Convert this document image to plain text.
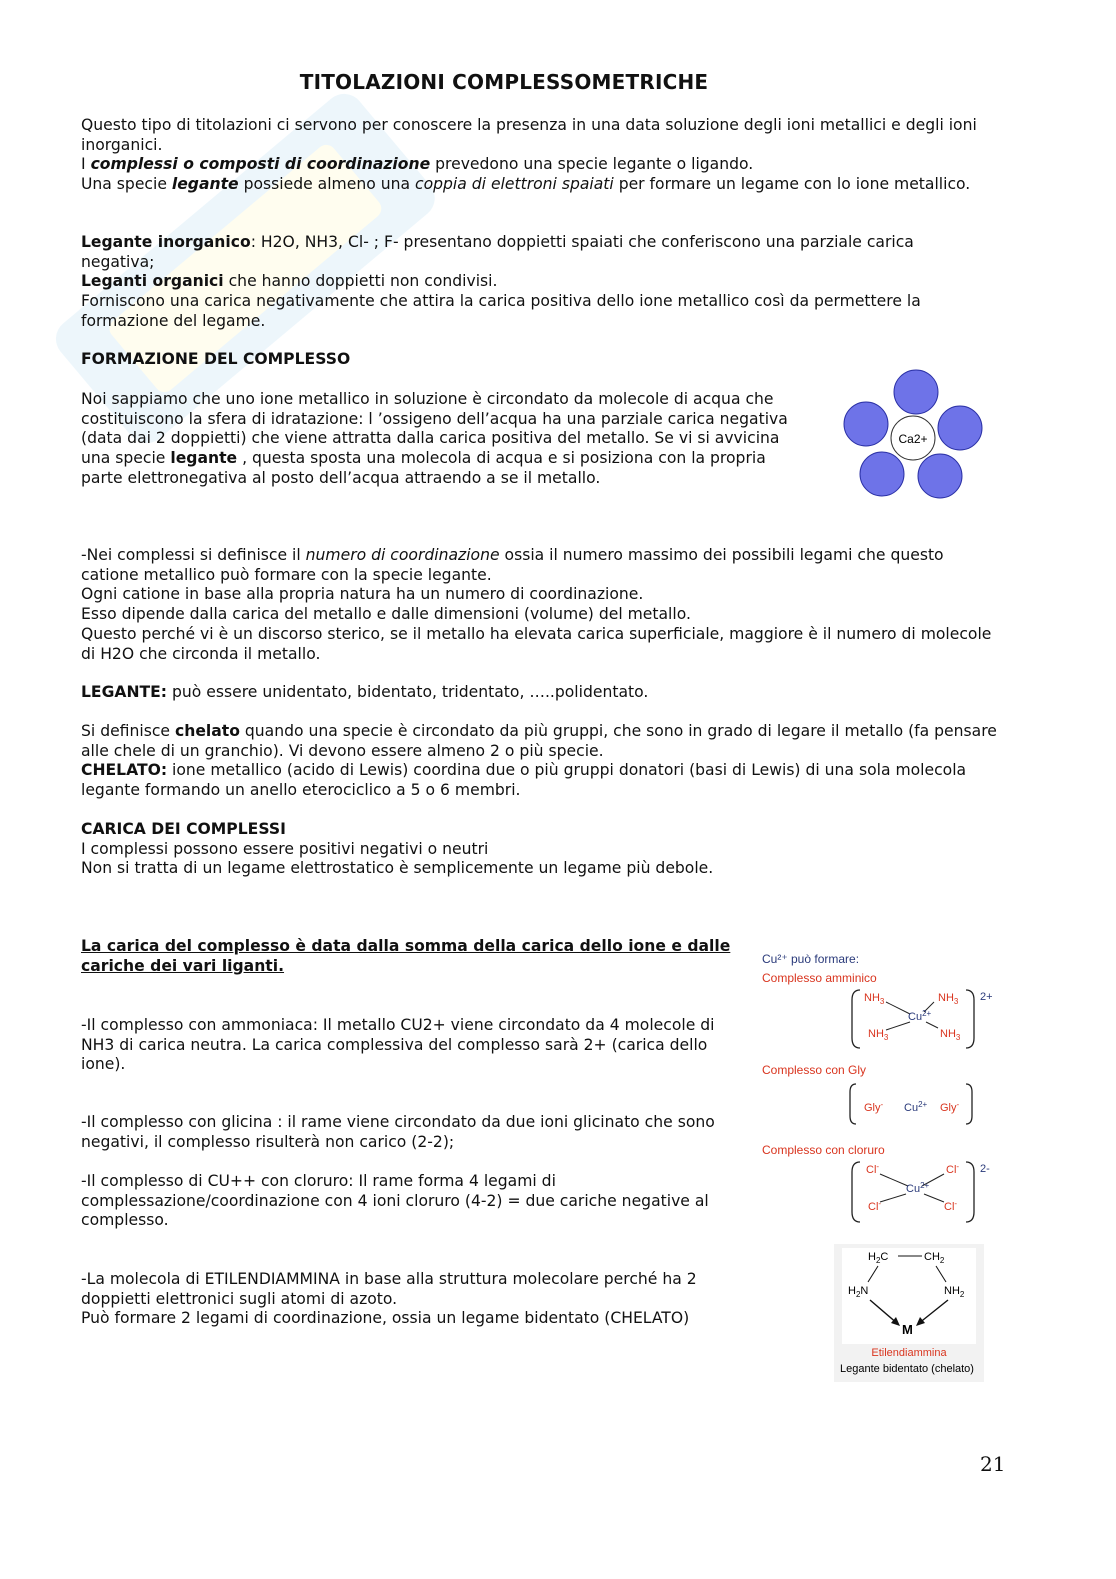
TITOLAZIONI COMPLESSOMETRICHE

Questo tipo di titolazioni ci servono per conoscere la presenza in una data soluzione degli ioni metallici e degli ioni inorganici.

I complessi o composti di coordinazione prevedono una specie legante o ligando.

Una specie legante possiede almeno una coppia di elettroni spaiati per formare un legame con lo ione metallico.

Legante inorganico: H2O, NH3, Cl- ; F- presentano doppietti spaiati che conferiscono una parziale carica negativa;

Leganti organici che hanno doppietti non condivisi.

Forniscono una carica negativamente che attira la carica positiva dello ione metallico così da permettere la formazione del legame.

FORMAZIONE DEL COMPLESSO

Noi sappiamo che uno ione metallico in soluzione è circondato da molecole di acqua che costituiscono la sfera di idratazione: l ’ossigeno dell’acqua ha una parziale carica negativa (data dai 2 doppietti) che viene attratta dalla carica positiva del metallo. Se vi si avvicina una specie legante , questa sposta una molecola di acqua e si posiziona con la propria parte elettronegativa al posto dell’acqua attraendo a se il metallo.

Ca2+

-Nei complessi si definisce il numero di coordinazione ossia il numero massimo dei possibili legami che questo catione metallico può formare con la specie legante.

Ogni catione in base alla propria natura ha un numero di coordinazione.

Esso dipende dalla carica del metallo e dalle dimensioni (volume) del metallo.

Questo perché vi è un discorso sterico, se il metallo ha elevata carica superficiale, maggiore è il numero di molecole di H2O che circonda il metallo.

LEGANTE: può essere unidentato, bidentato, tridentato, …..polidentato.

Si definisce chelato quando una specie è circondato da più gruppi, che sono in grado di legare il metallo (fa pensare alle chele di un granchio). Vi devono essere almeno 2 o più specie.

CHELATO: ione metallico (acido di Lewis) coordina due o più gruppi donatori (basi di Lewis) di una sola molecola legante formando un anello eterociclico a 5 o 6 membri.

CARICA DEI COMPLESSI

I complessi possono essere positivi negativi o neutri

Non si tratta di un legame elettrostatico è semplicemente un legame più debole.

La carica del complesso è data dalla somma della carica dello ione e dalle cariche dei vari liganti.
-Il complesso con ammoniaca: Il metallo CU2+ viene circondato da 4 molecole di NH3 di carica neutra. La carica complessiva del complesso sarà 2+ (carica dello ione).
-Il complesso con glicina : il rame viene circondato da due ioni glicinato che sono negativi, il complesso risulterà non carico (2-2);
-Il complesso di CU++ con cloruro: Il rame forma 4 legami di complessazione/coordinazione con 4 ioni cloruro (4-2) = due cariche negative al complesso.

-La molecola di ETILENDIAMMINA in base alla struttura molecolare perché ha 2 doppietti elettronici sugli atomi di azoto.

Può formare 2 legami di coordinazione, ossia un legame bidentato (CHELATO)

Cu²⁺ può formare:
Complesso amminico
$NH_3$	$NH_3$
$NH_3$	$NH_3$
$Cu^{2+}$
2+
Complesso con Gly
Gly- $Cu^{2+}$ Gly-
Complesso con cloruro
Cl-	Cl-
Cl-	Cl-
$Cu^{2+}$
2-
$H_2C$	$CH_2$
$H_2N$	$NH_2$
M
Etilendiammina
Legante bidentato (chelato)
21
